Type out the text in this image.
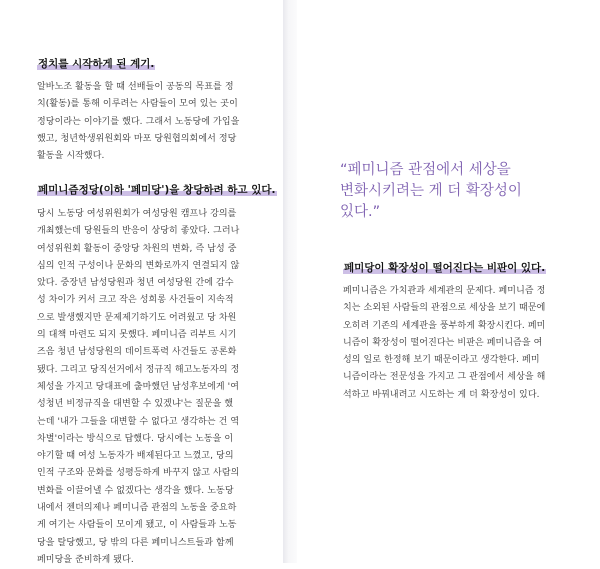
정치를 시작하게 된 계기.
알바노조 활동을 할 때 선배들이 공동의 목표를 정
치(활동)를 통해 이루려는 사람들이 모여 있는 곳이
정당이라는 이야기를 했다. 그래서 노동당에 가입을
했고, 청년학생위원회와 마포 당원협의회에서 정당
활동을 시작했다.
페미니즘정당(이하 '페미당')을 창당하려 하고 있다.
당시 노동당 여성위원회가 여성당원 캠프나 강의를
개최했는데 당원들의 반응이 상당히 좋았다. 그러나
여성위원회 활동이 중앙당 차원의 변화, 즉 남성 중
심의 인적 구성이나 문화의 변화로까지 연결되지 않
았다. 중장년 남성당원과 청년 여성당원 간에 감수
성 차이가 커서 크고 작은 성희롱 사건들이 지속적
으로 발생했지만 문제제기하기도 어려웠고 당 차원
의 대책 마련도 되지 못했다. 페미니즘 리부트 시기
즈음 청년 남성당원의 데이트폭력 사건들도 공론화
됐다. 그리고 당직선거에서 정규직 해고노동자의 정
체성을 가지고 당대표에 출마했던 남성후보에게 '여
성청년 비정규직을 대변할 수 있겠냐'는 질문을 했
는데 '내가 그들을 대변할 수 없다고 생각하는 건 역
차별'이라는 방식으로 답했다. 당시에는 노동을 이
야기할 때 여성 노동자가 배제된다고 느꼈고, 당의
인적 구조와 문화를 성평등하게 바꾸지 않고 사람의
변화를 이끌어낼 수 없겠다는 생각을 했다. 노동당
내에서 젠더의제나 페미니즘 관점의 노동을 중요하
게 여기는 사람들이 모이게 됐고, 이 사람들과 노동
당을 탈당했고, 당 밖의 다른 페미니스트들과 함께
페미당을 준비하게 됐다.
“페미니즘 관점에서 세상을
변화시키려는 게 더 확장성이
있다.”
페미당이 확장성이 떨어진다는 비판이 있다.
페미니즘은 가치관과 세계관의 문제다. 페미니즘 정
치는 소외된 사람들의 관점으로 세상을 보기 때문에
오히려 기존의 세계관을 풍부하게 확장시킨다. 페미
니즘이 확장성이 떨어진다는 비판은 페미니즘을 여
성의 일로 한정해 보기 때문이라고 생각한다. 페미
니즘이라는 전문성을 가지고 그 관점에서 세상을 해
석하고 바꿔내려고 시도하는 게 더 확장성이 있다.
